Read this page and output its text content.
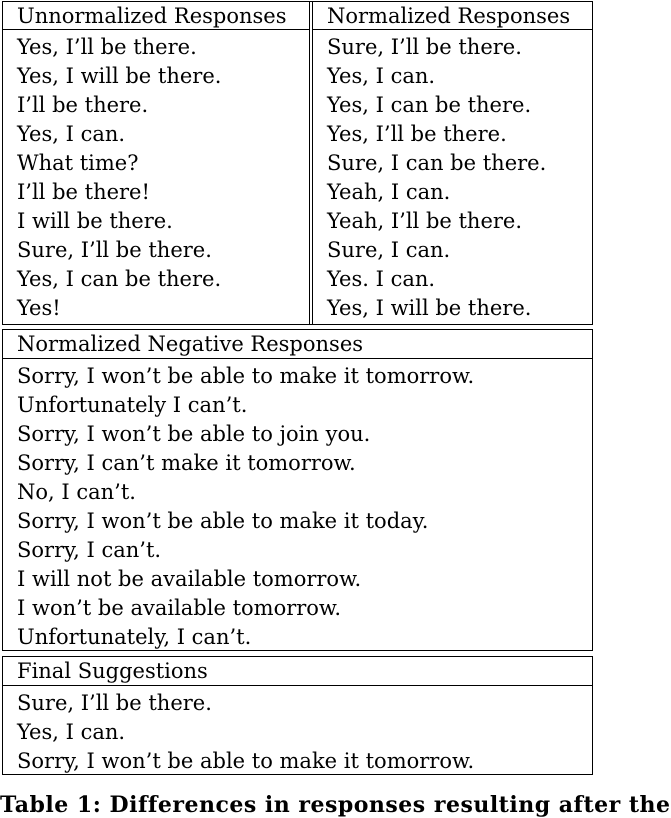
Unnormalized Responses
Yes, I’ll be there.
Yes, I will be there.
I’ll be there.
Yes, I can.
What time?
I’ll be there!
I will be there.
Sure, I’ll be there.
Yes, I can be there.
Yes!
Normalized Responses
Sure, I’ll be there.
Yes, I can.
Yes, I can be there.
Yes, I’ll be there.
Sure, I can be there.
Yeah, I can.
Yeah, I’ll be there.
Sure, I can.
Yes. I can.
Yes, I will be there.
Normalized Negative Responses
Sorry, I won’t be able to make it tomorrow.
Unfortunately I can’t.
Sorry, I won’t be able to join you.
Sorry, I can’t make it tomorrow.
No, I can’t.
Sorry, I won’t be able to make it today.
Sorry, I can’t.
I will not be available tomorrow.
I won’t be available tomorrow.
Unfortunately, I can’t.
Final Suggestions
Sure, I’ll be there.
Yes, I can.
Sorry, I won’t be able to make it tomorrow.
Table 1: Differences in responses resulting after the
